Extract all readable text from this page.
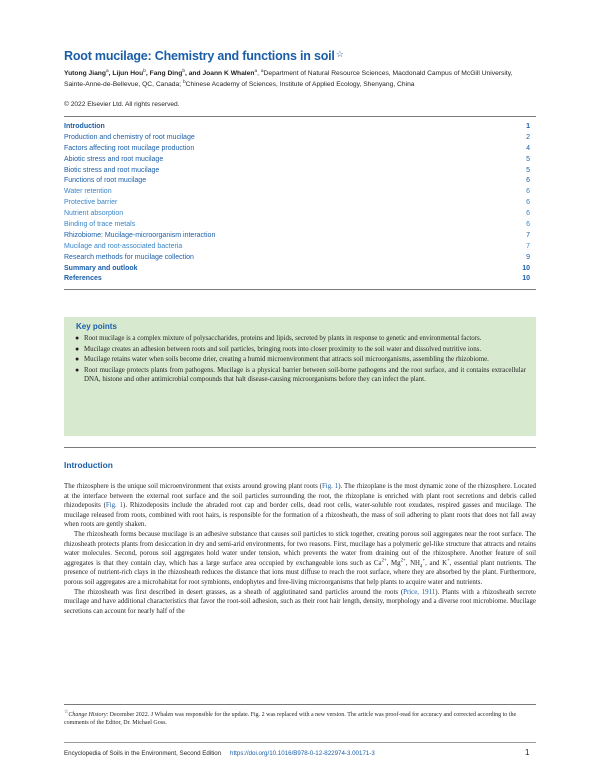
Root mucilage: Chemistry and functions in soil☆
Yutong Jiang$^a$, Lijun Hou$^b$, Fang Ding$^b$, and Joann K Whalen$^a$, $^a$Department of Natural Resource Sciences, Macdonald Campus of McGill University, Sainte-Anne-de-Bellevue, QC, Canada; $^b$Chinese Academy of Sciences, Institute of Applied Ecology, Shenyang, China
© 2022 Elsevier Ltd. All rights reserved.
Introduction	1
Production and chemistry of root mucilage	2
Factors affecting root mucilage production	4
Abiotic stress and root mucilage	5
Biotic stress and root mucilage	5
Functions of root mucilage	6
Water retention	6
Protective barrier	6
Nutrient absorption	6
Binding of trace metals	6
Rhizobiome: Mucilage-microorganism interaction	7
Mucilage and root-associated bacteria	7
Research methods for mucilage collection	9
Summary and outlook	10
References	10
Key points
● Root mucilage is a complex mixture of polysaccharides, proteins and lipids, secreted by plants in response to genetic and environmental factors.
● Mucilage creates an adhesion between roots and soil particles, bringing roots into closer proximity to the soil water and dissolved nutritive ions.
● Mucilage retains water when soils become drier, creating a humid microenvironment that attracts soil microorganisms, assembling the rhizobiome.
● Root mucilage protects plants from pathogens. Mucilage is a physical barrier between soil-borne pathogens and the root surface, and it contains extracellular DNA, histone and other antimicrobial compounds that halt disease-causing microorganisms before they can infect the plant.
Introduction

The rhizosphere is the unique soil microenvironment that exists around growing plant roots (Fig. 1). The rhizoplane is the most dynamic zone of the rhizosphere. Located at the interface between the external root surface and the soil particles surrounding the root, the rhizoplane is enriched with plant root secretions and debris called rhizodeposits (Fig. 1). Rhizodeposits include the abraded root cap and border cells, dead root cells, water-soluble root exudates, respired gasses and mucilage. The mucilage released from roots, combined with root hairs, is responsible for the formation of a rhizosheath, the mass of soil adhering to plant roots that does not fall away when roots are gently shaken.

The rhizosheath forms because mucilage is an adhesive substance that causes soil particles to stick together, creating porous soil aggregates near the root surface. The rhizosheath protects plants from desiccation in dry and semi-arid environments, for two reasons. First, mucilage has a polymeric gel-like structure that attracts and retains water molecules. Second, porous soil aggregates hold water under tension, which prevents the water from draining out of the rhizosphere. Another feature of soil aggregates is that they contain clay, which has a large surface area occupied by exchangeable ions such as $Ca^{2+}$, $Mg^{2+}$, $NH_4^+$, and K+, essential plant nutrients. The presence of nutrient-rich clays in the rhizosheath reduces the distance that ions must diffuse to reach the root surface, where they are absorbed by the plant. Furthermore, porous soil aggregates are a microhabitat for root symbionts, endophytes and free-living microorganisms that help plants to acquire water and nutrients.

The rhizosheath was first described in desert grasses, as a sheath of agglutinated sand particles around the roots (Price, 1911). Plants with a rhizosheath secrete mucilage and have additional characteristics that favor the root-soil adhesion, such as their root hair length, density, morphology and a diverse root microbiome. Mucilage secretions can account for nearly half of the

☆Change History: December 2022. J Whalen was responsible for the update. Fig. 2 was replaced with a new version. The article was proof-read for accuracy and corrected according to the comments of the Editor, Dr. Michael Goss.
Encyclopedia of Soils in the Environment, Second Edition https://doi.org/10.1016/B978-0-12-822974-3.00171-3	1
